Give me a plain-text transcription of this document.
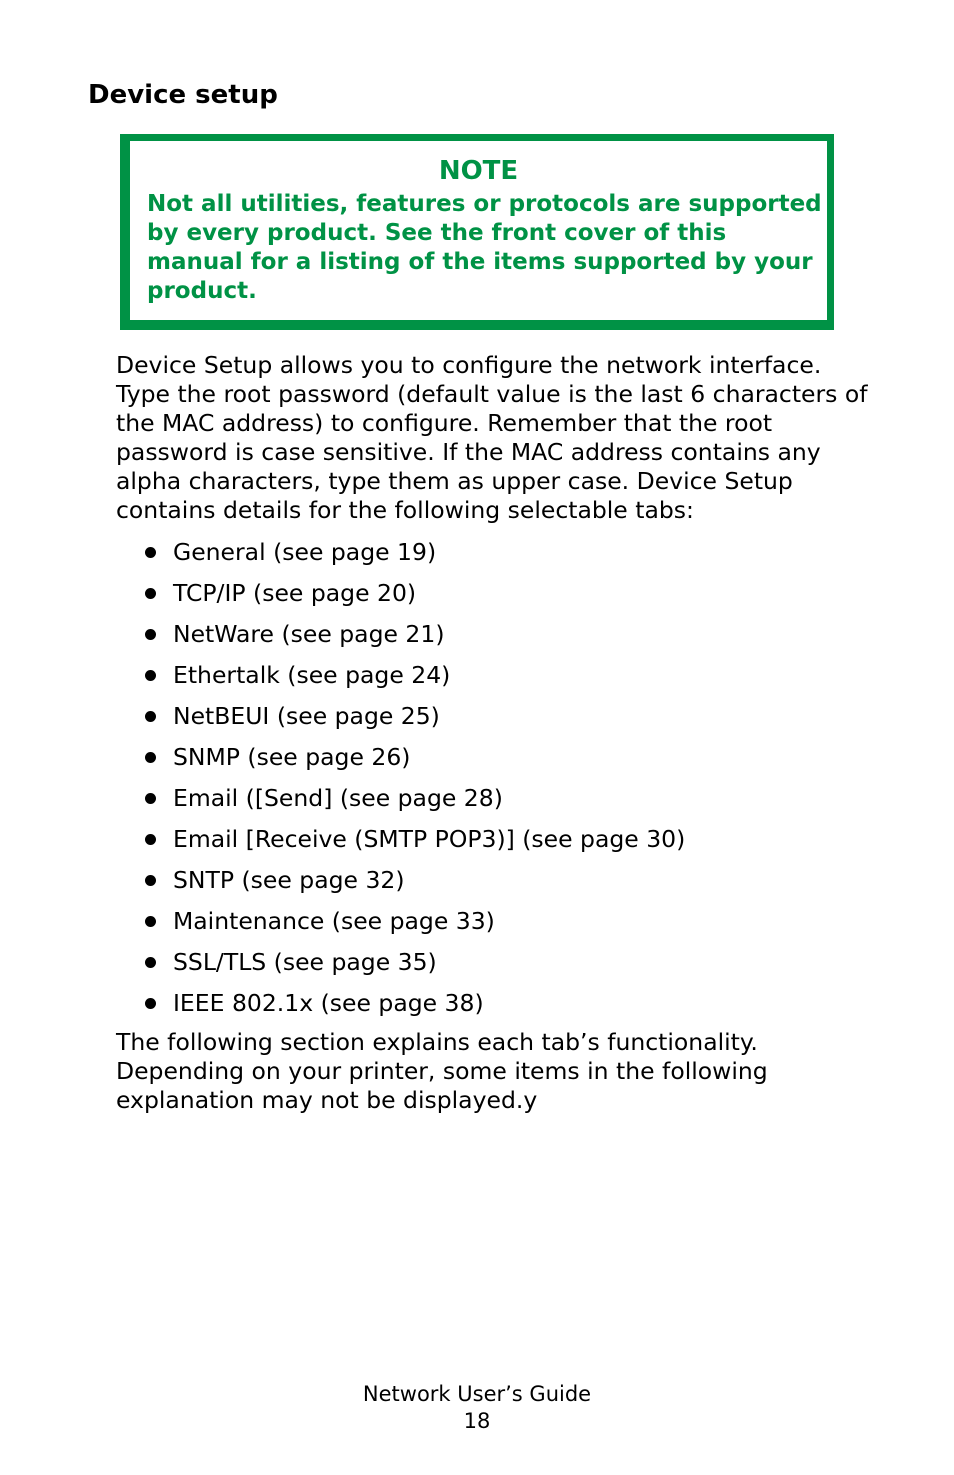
Device setup
NOTE
Not all utilities, features or protocols are supported by every product. See the front cover of this manual for a listing of the items supported by your product.

Device Setup allows you to configure the network interface. Type the root password (default value is the last 6 characters of the MAC address) to configure. Remember that the root password is case sensitive. If the MAC address contains any alpha characters, type them as upper case. Device Setup contains details for the following selectable tabs:

General (see page 19)
TCP/IP (see page 20)
NetWare (see page 21)
Ethertalk (see page 24)
NetBEUI (see page 25)
SNMP (see page 26)
Email ([Send] (see page 28)
Email [Receive (SMTP POP3)] (see page 30)
SNTP (see page 32)
Maintenance (see page 33)
SSL/TLS (see page 35)
IEEE 802.1x (see page 38)

The following section explains each tab’s functionality. Depending on your printer, some items in the following explanation may not be displayed.y

Network User’s Guide
18
